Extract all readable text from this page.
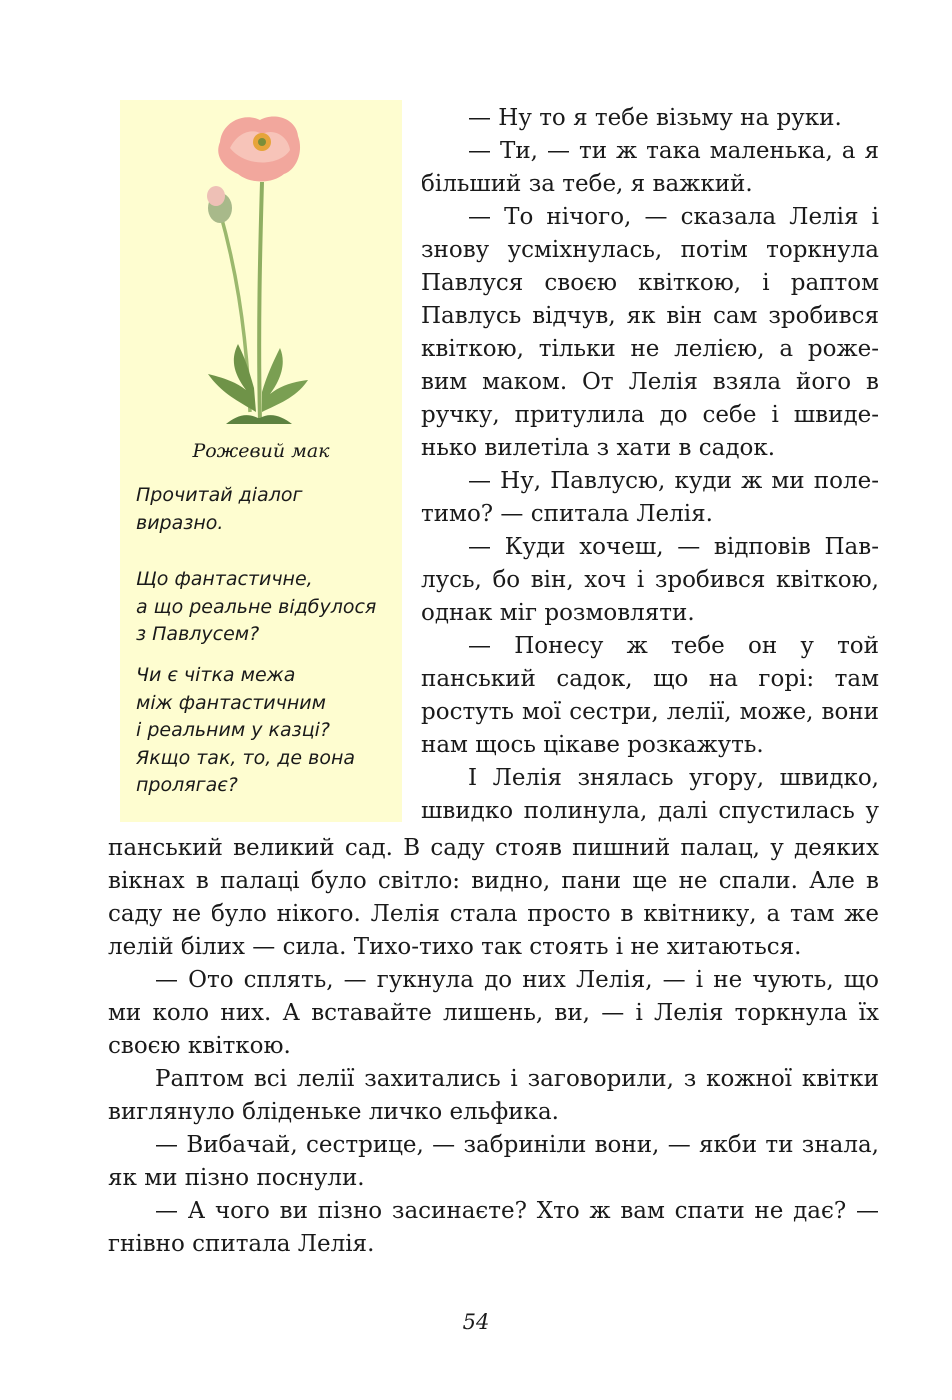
Рожевий мак

Прочитай діалог
виразно.

Що фантастичне,
а що реальне відбулося
з Павлусем?

Чи є чітка межа
між фантастичним
і реальним у казці?
Якщо так, то, де вона
пролягає?

— Ну то я тебе візьму на руки.

— Ти, — ти ж така маленька, а я більший за тебе, я важкий.

— То нічого, — сказала Лелія і знову усміхнулась, потім торкнула Павлуся своєю квіткою, і раптом Павлусь відчув, як він сам зробився квіткою, тільки не лелією, а рожевим маком. От Лелія взяла його в ручку, притулила до себе і швиденько вилетіла з хати в садок.

— Ну, Павлусю, куди ж ми полетимо? — спитала Лелія.

— Куди хочеш, — відповів Павлусь, бо він, хоч і зробився квіткою, однак міг розмовляти.

— Понесу ж тебе он у той панський садок, що на горі: там ростуть мої сестри, лелії, може, вони нам щось цікаве розкажуть.

І Лелія знялась угору, швидко, швидко полинула, далі спустилась у

панський великий сад. В саду стояв пишний палац, у деяких вікнах в палаці було світло: видно, пани ще не спали. Але в саду не було нікого. Лелія стала просто в квітнику, а там же лелій білих — сила. Тихо-тихо так стоять і не хитаються.

— Ото сплять, — гукнула до них Лелія, — і не чують, що ми коло них. А вставайте лишень, ви, — і Лелія торкнула їх своєю квіткою.

Раптом всі лелії захитались і заговорили, з кожної квітки виглянуло бліденьке личко ельфика.

— Вибачай, сестрице, — забриніли вони, — якби ти знала, як ми пізно поснули.

— А чого ви пізно засинаєте? Хто ж вам спати не дає? — гнівно спитала Лелія.

54
